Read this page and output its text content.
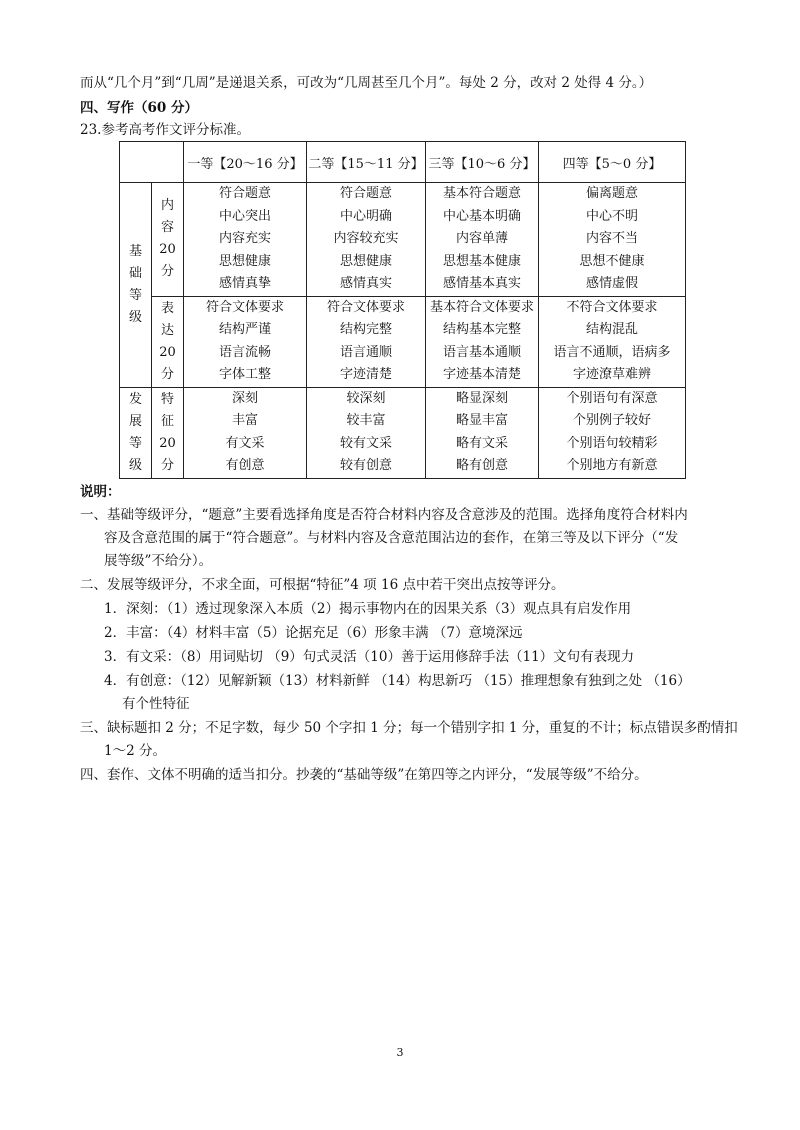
而从“几个月”到“几周”是递退关系，可改为“几周甚至几个月”。每处 2 分，改对 2 处得 4 分。）
四、写作（60 分）
23.参考高考作文评分标准。
		一等【20～16 分】	二等【15～11 分】	三等【10～6 分】	四等【5～0 分】

基
础
等
级	内
容
20
分	符合题意
中心突出
内容充实
思想健康
感情真挚	符合题意
中心明确
内容较充实
思想健康
感情真实	基本符合题意
中心基本明确
内容单薄
思想基本健康
感情基本真实	偏离题意
中心不明
内容不当
思想不健康
感情虚假

	表
达
20
分	符合文体要求
结构严谨
语言流畅
字体工整	符合文体要求
结构完整
语言通顺
字迹清楚	基本符合文体要求
结构基本完整
语言基本通顺
字迹基本清楚	不符合文体要求
结构混乱
语言不通顺，语病多
字迹潦草难辨

发
展
等
级	特
征
20
分	深刻
丰富
有文采
有创意	较深刻
较丰富
较有文采
较有创意	略显深刻
略显丰富
略有文采
略有创意	个别语句有深意
个别例子较好
个别语句较精彩
个别地方有新意
说明：
一、基础等级评分，“题意”主要看选择角度是否符合材料内容及含意涉及的范围。选择角度符合材料内
容及含意范围的属于“符合题意”。与材料内容及含意范围沾边的套作，在第三等及以下评分（“发
展等级”不给分）。
二、发展等级评分，不求全面，可根据“特征”4 项 16 点中若干突出点按等评分。
1．深刻：（1）透过现象深入本质（2）揭示事物内在的因果关系（3）观点具有启发作用
2．丰富：（4）材料丰富（5）论据充足（6）形象丰满 （7）意境深远
3．有文采：（8）用词贴切 （9）句式灵活（10）善于运用修辞手法（11）文句有表现力
4．有创意：（12）见解新颖（13）材料新鲜 （14）构思新巧 （15）推理想象有独到之处 （16）
有个性特征
三、缺标题扣 2 分；不足字数，每少 50 个字扣 1 分；每一个错别字扣 1 分，重复的不计；标点错误多酌情扣
1～2 分。
四、套作、文体不明确的适当扣分。抄袭的“基础等级”在第四等之内评分，“发展等级”不给分。
3
